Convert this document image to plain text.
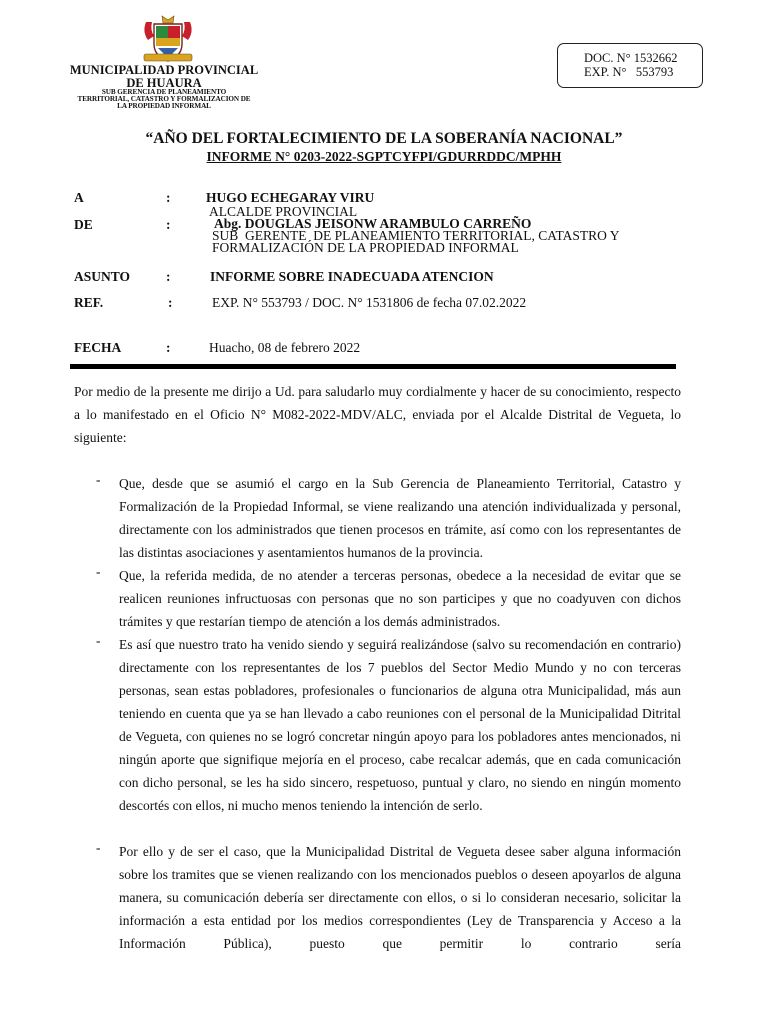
MUNICIPALIDAD PROVINCIAL
DE HUAURA
SUB GERENCIA DE PLANEAMIENTO
TERRITORIAL, CATASTRO Y FORMALIZACION DE
LA PROPIEDAD INFORMAL
DOC. N° 1532662
EXP. N°   553793
“AÑO DEL FORTALECIMIENTO DE LA SOBERANÍA NACIONAL”
INFORME N° 0203-2022-SGPTCYFPI/GDURRDDC/MPHH
A	:	HUGO ECHEGARAY VIRU
ALCALDE PROVINCIAL
DE	:	Abg. DOUGLAS JEISONW ARAMBULO CARREÑO
SUB  GERENTE  DE PLANEAMIENTO TERRITORIAL, CATASTRO Y
FORMALIZACIÓN DE LA PROPIEDAD INFORMAL
ASUNTO	:	INFORME SOBRE INADECUADA ATENCION
REF.	:	EXP. N° 553793 / DOC. N° 1531806 de fecha 07.02.2022
FECHA	:	Huacho, 08 de febrero 2022
Por medio de la presente me dirijo a Ud. para saludarlo muy cordialmente y hacer de su conocimiento, respecto a lo manifestado en el Oficio N° M082-2022-MDV/ALC, enviada por el Alcalde Distrital de Vegueta, lo siguiente:
- Que, desde que se asumió el cargo en la Sub Gerencia de Planeamiento Territorial, Catastro y Formalización de la Propiedad Informal, se viene realizando una atención individualizada y personal, directamente con los administrados que tienen procesos en trámite, así como con los representantes de las distintas asociaciones y asentamientos humanos de la provincia.
- Que, la referida medida, de no atender a terceras personas, obedece a la necesidad de evitar que se realicen reuniones infructuosas con personas que no son participes y que no coadyuven con dichos trámites y que restarían tiempo de atención a los demás administrados.
- Es así que nuestro trato ha venido siendo y seguirá realizándose (salvo su recomendación en contrario) directamente con los representantes de los 7 pueblos del Sector Medio Mundo y no con terceras personas, sean estas pobladores, profesionales o funcionarios de alguna otra Municipalidad, más aun teniendo en cuenta que ya se han llevado a cabo reuniones con el personal de la Municipalidad Ditrital de Vegueta, con quienes no se logró concretar ningún apoyo para los pobladores antes mencionados, ni ningún aporte que signifique mejoría en el proceso, cabe recalcar además, que en cada comunicación con dicho personal, se les ha sido sincero, respetuoso, puntual y claro, no siendo en ningún momento descortés con ellos, ni mucho menos teniendo la intención de serlo.
- Por ello y de ser el caso, que la Municipalidad Distrital de Vegueta desee saber alguna información sobre los tramites que se vienen realizando con los mencionados pueblos o deseen apoyarlos de alguna manera, su comunicación debería ser directamente con ellos, o si lo consideran necesario, solicitar la información a esta entidad por los medios correspondientes (Ley de Transparencia y Acceso a la Información Pública), puesto que permitir lo contrario sería
